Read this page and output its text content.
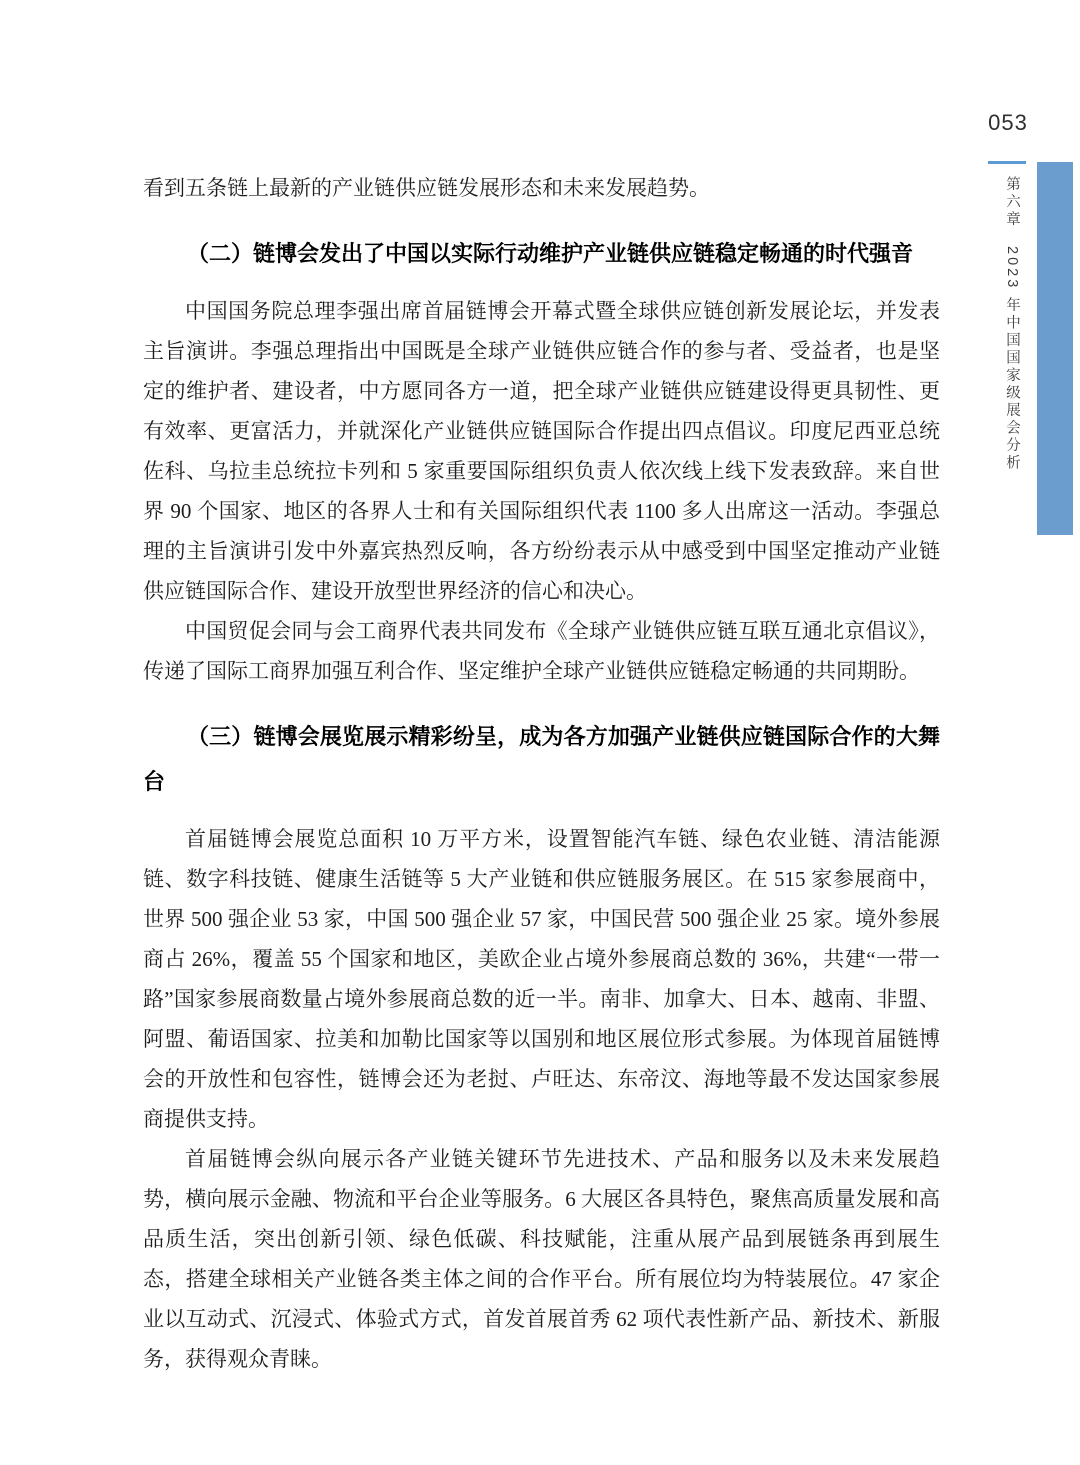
053
第六章　2023 年中国国家级展会分析

看到五条链上最新的产业链供应链发展形态和未来发展趋势。

（二）链博会发出了中国以实际行动维护产业链供应链稳定畅通的时代强音

中国国务院总理李强出席首届链博会开幕式暨全球供应链创新发展论坛，并发表主旨演讲。李强总理指出中国既是全球产业链供应链合作的参与者、受益者，也是坚定的维护者、建设者，中方愿同各方一道，把全球产业链供应链建设得更具韧性、更有效率、更富活力，并就深化产业链供应链国际合作提出四点倡议。印度尼西亚总统佐科、乌拉圭总统拉卡列和 5 家重要国际组织负责人依次线上线下发表致辞。来自世界 90 个国家、地区的各界人士和有关国际组织代表 1100 多人出席这一活动。李强总理的主旨演讲引发中外嘉宾热烈反响，各方纷纷表示从中感受到中国坚定推动产业链供应链国际合作、建设开放型世界经济的信心和决心。

中国贸促会同与会工商界代表共同发布《全球产业链供应链互联互通北京倡议》，传递了国际工商界加强互利合作、坚定维护全球产业链供应链稳定畅通的共同期盼。

（三）链博会展览展示精彩纷呈，成为各方加强产业链供应链国际合作的大舞台

首届链博会展览总面积 10 万平方米，设置智能汽车链、绿色农业链、清洁能源链、数字科技链、健康生活链等 5 大产业链和供应链服务展区。在 515 家参展商中，世界 500 强企业 53 家，中国 500 强企业 57 家，中国民营 500 强企业 25 家。境外参展商占 26%，覆盖 55 个国家和地区，美欧企业占境外参展商总数的 36%，共建“一带一路”国家参展商数量占境外参展商总数的近一半。南非、加拿大、日本、越南、非盟、阿盟、葡语国家、拉美和加勒比国家等以国别和地区展位形式参展。为体现首届链博会的开放性和包容性，链博会还为老挝、卢旺达、东帝汶、海地等最不发达国家参展商提供支持。

首届链博会纵向展示各产业链关键环节先进技术、产品和服务以及未来发展趋势，横向展示金融、物流和平台企业等服务。6 大展区各具特色，聚焦高质量发展和高品质生活，突出创新引领、绿色低碳、科技赋能，注重从展产品到展链条再到展生态，搭建全球相关产业链各类主体之间的合作平台。所有展位均为特装展位。47 家企业以互动式、沉浸式、体验式方式，首发首展首秀 62 项代表性新产品、新技术、新服务，获得观众青睐。
